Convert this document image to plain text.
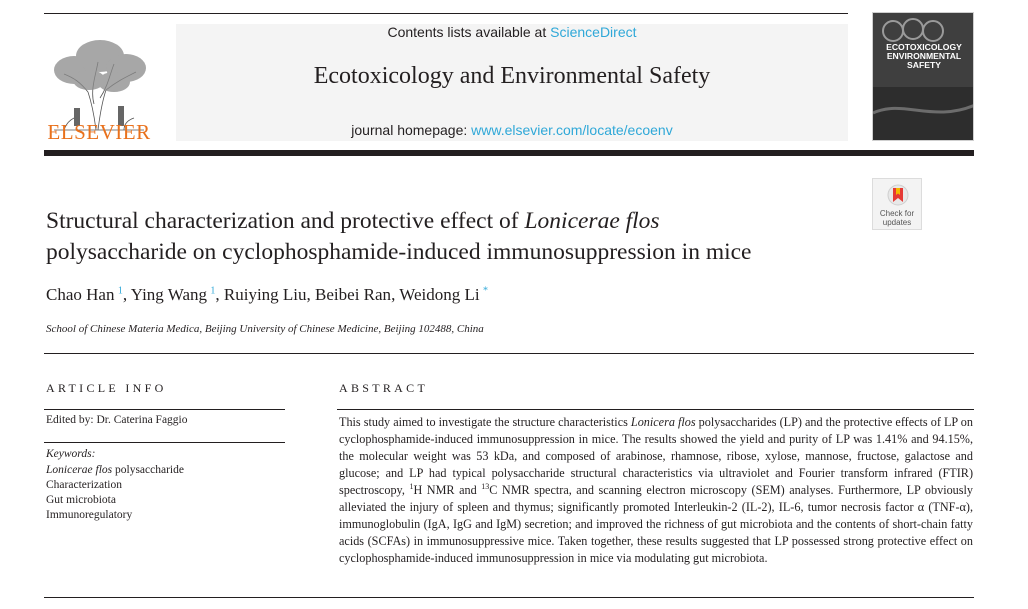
ELSEVIER
Contents lists available at ScienceDirect
Ecotoxicology and Environmental Safety
journal homepage: www.elsevier.com/locate/ecoenv
ECOTOXICOLOGY
ENVIRONMENTAL
SAFETY
Check for
updates
Structural characterization and protective effect of Lonicerae flos
polysaccharide on cyclophosphamide-induced immunosuppression in mice
Chao Han  $^1$, Ying Wang  $^1$, Ruiying Liu, Beibei Ran, Weidong Li  *
School of Chinese Materia Medica, Beijing University of Chinese Medicine, Beijing 102488, China
ARTICLE INFO
Edited by: Dr. Caterina Faggio
Keywords:
Lonicerae flos polysaccharide
Characterization
Gut microbiota
Immunoregulatory
ABSTRACT
This study aimed to investigate the structure characteristics Lonicera flos polysaccharides (LP) and the protective effects of LP on cyclophosphamide-induced immunosuppression in mice. The results showed the yield and purity of LP was 1.41% and 94.15%, the molecular weight was 53 kDa, and composed of arabinose, rhamnose, ribose, xylose, mannose, fructose, galactose and glucose; and LP had typical polysaccharide structural characteristics via ultraviolet and Fourier transform infrared (FTIR) spectroscopy, $^1$H NMR and $^{13}$C NMR spectra, and scanning electron microscopy (SEM) analyses. Furthermore, LP obviously alleviated the injury of spleen and thymus; significantly promoted Interleukin-2 (IL-2), IL-6, tumor necrosis factor α (TNF-α), immunoglobulin (IgA, IgG and IgM) secretion; and improved the richness of gut microbiota and the contents of short-chain fatty acids (SCFAs) in immunosuppressive mice. Taken together, these results suggested that LP possessed strong protective effect on cyclophosphamide-induced immunosuppression in mice via modulating gut microbiota.
